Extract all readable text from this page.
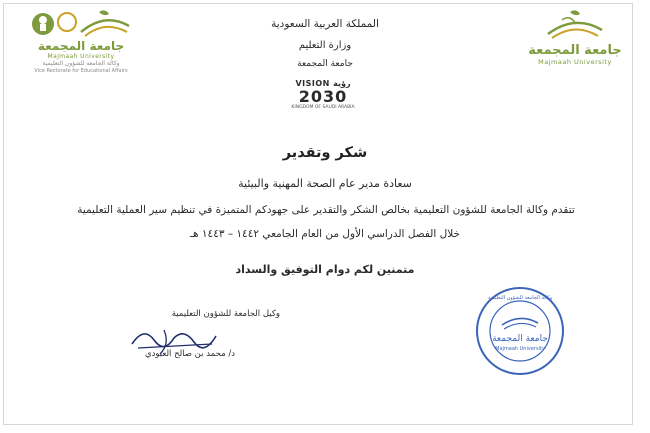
جامعة المجمعة
Majmaah University
جامعة المجمعة
Majmaah University
وكالة الجامعة للشؤون التعليمية
Vice Rectorate for Educational Affairs
المملكة العربية السعودية
وزارة التعليم
جامعة المجمعة
VISION رؤية
2030
KINGDOM OF SAUDI ARABIA
شكر وتقدير
سعادة مدير عام الصحة المهنية والبيئية
تتقدم وكالة الجامعة للشؤون التعليمية بخالص الشكر والتقدير على جهودكم المتميزة في تنظيم سير العملية التعليمية
خلال الفصل الدراسي الأول من العام الجامعي ١٤٤٢ – ١٤٤٣ هـ
متمنين لكم دوام التوفيق والسداد
وكيل الجامعة للشؤون التعليمية
د/ محمد بن صالح العبودي
جامعة المجمعة
Majmaah University
وكالة الجامعة للشؤون التعليمية
